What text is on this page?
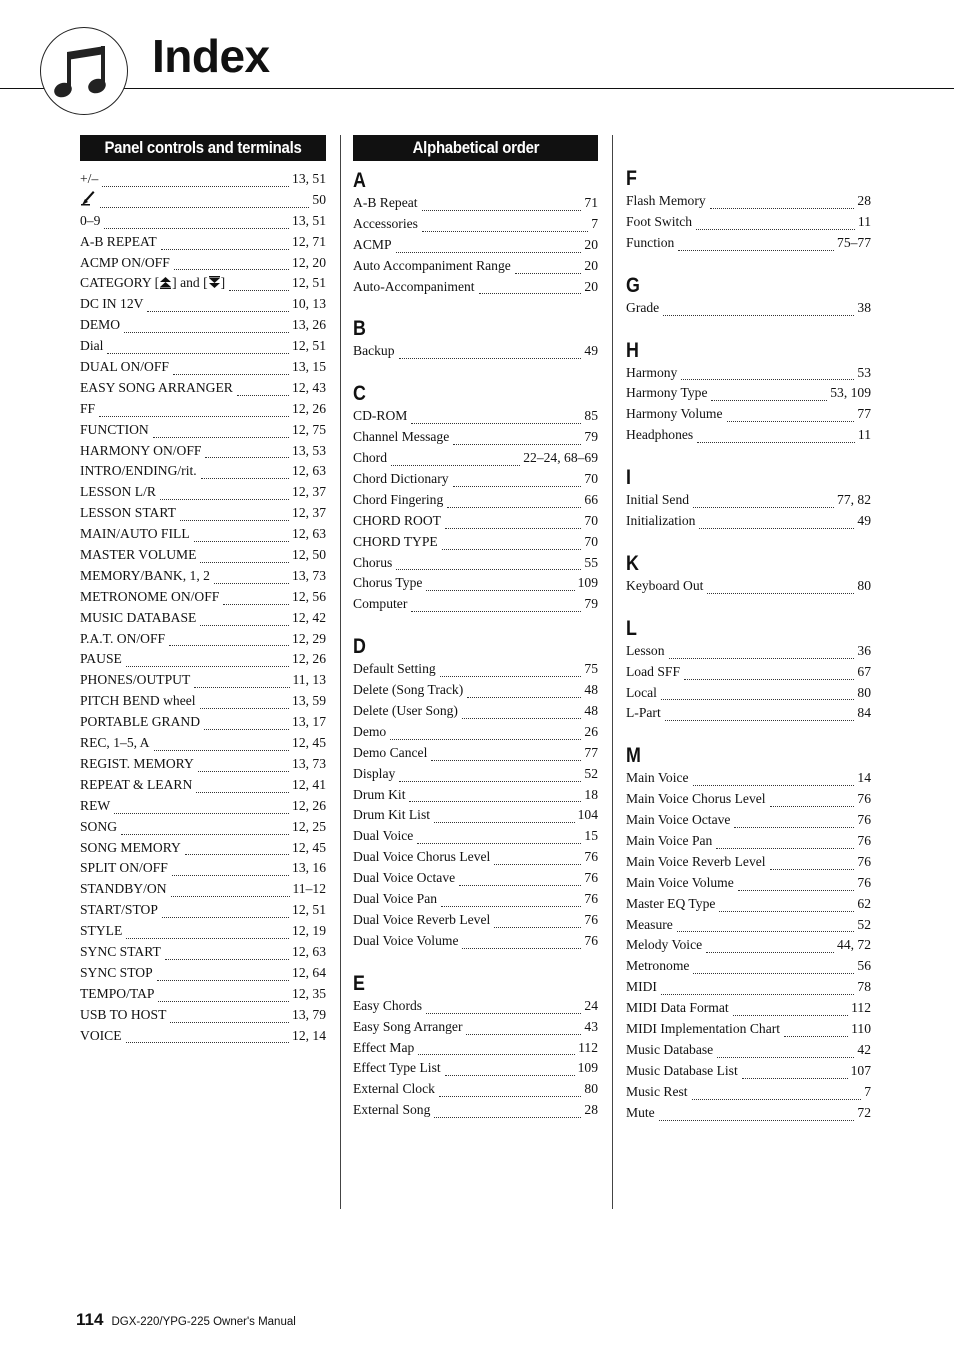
Index
Panel controls and terminals
+/–	13, 51
50
0–9	13, 51
A-B REPEAT	12, 71
ACMP ON/OFF	12, 20
CATEGORY [ ] and [ ]	12, 51
DC IN 12V	10, 13
DEMO	13, 26
Dial	12, 51
DUAL ON/OFF	13, 15
EASY SONG ARRANGER	12, 43
FF	12, 26
FUNCTION	12, 75
HARMONY ON/OFF	13, 53
INTRO/ENDING/rit.	12, 63
LESSON L/R	12, 37
LESSON START	12, 37
MAIN/AUTO FILL	12, 63
MASTER VOLUME	12, 50
MEMORY/BANK, 1, 2	13, 73
METRONOME ON/OFF	12, 56
MUSIC DATABASE	12, 42
P.A.T. ON/OFF	12, 29
PAUSE	12, 26
PHONES/OUTPUT	11, 13
PITCH BEND wheel	13, 59
PORTABLE GRAND	13, 17
REC, 1–5, A	12, 45
REGIST. MEMORY	13, 73
REPEAT & LEARN	12, 41
REW	12, 26
SONG	12, 25
SONG MEMORY	12, 45
SPLIT ON/OFF	13, 16
STANDBY/ON	11–12
START/STOP	12, 51
STYLE	12, 19
SYNC START	12, 63
SYNC STOP	12, 64
TEMPO/TAP	12, 35
USB TO HOST	13, 79
VOICE	12, 14
Alphabetical order
A
A-B Repeat	71
Accessories	7
ACMP	20
Auto Accompaniment Range	20
Auto-Accompaniment	20
B
Backup	49
C
CD-ROM	85
Channel Message	79
Chord	22–24, 68–69
Chord Dictionary	70
Chord Fingering	66
CHORD ROOT	70
CHORD TYPE	70
Chorus	55
Chorus Type	109
Computer	79
D
Default Setting	75
Delete (Song Track)	48
Delete (User Song)	48
Demo	26
Demo Cancel	77
Display	52
Drum Kit	18
Drum Kit List	104
Dual Voice	15
Dual Voice Chorus Level	76
Dual Voice Octave	76
Dual Voice Pan	76
Dual Voice Reverb Level	76
Dual Voice Volume	76
E
Easy Chords	24
Easy Song Arranger	43
Effect Map	112
Effect Type List	109
External Clock	80
External Song	28
F
Flash Memory	28
Foot Switch	11
Function	75–77
G
Grade	38
H
Harmony	53
Harmony Type	53, 109
Harmony Volume	77
Headphones	11
I
Initial Send	77, 82
Initialization	49
K
Keyboard Out	80
L
Lesson	36
Load SFF	67
Local	80
L-Part	84
M
Main Voice	14
Main Voice Chorus Level	76
Main Voice Octave	76
Main Voice Pan	76
Main Voice Reverb Level	76
Main Voice Volume	76
Master EQ Type	62
Measure	52
Melody Voice	44, 72
Metronome	56
MIDI	78
MIDI Data Format	112
MIDI Implementation Chart	110
Music Database	42
Music Database List	107
Music Rest	7
Mute	72
114 DGX-220/YPG-225 Owner's Manual
